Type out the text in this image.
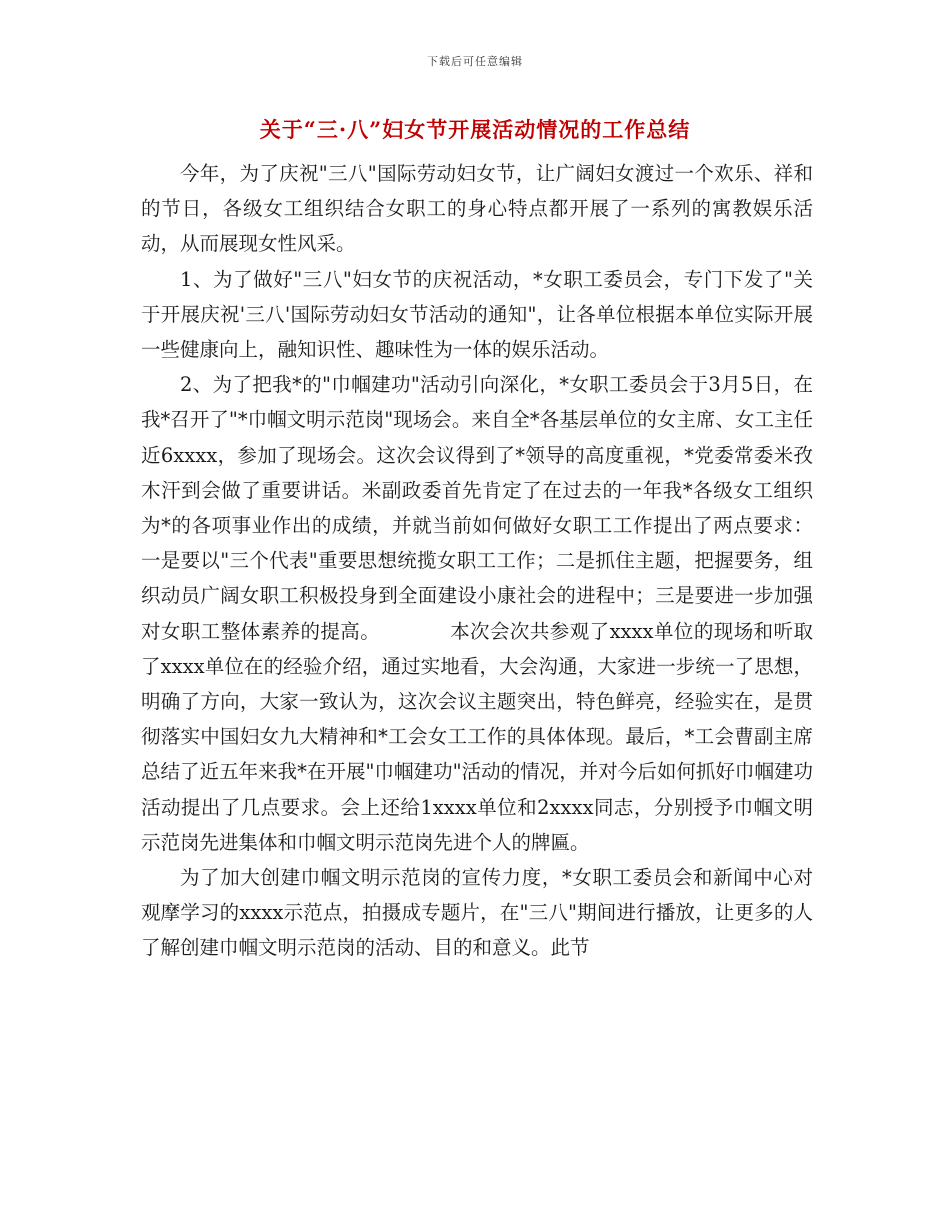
下载后可任意编辑
关于“三·八”妇女节开展活动情况的工作总结

今年，为了庆祝"三八"国际劳动妇女节，让广阔妇女渡过一个欢乐、祥和的节日，各级女工组织结合女职工的身心特点都开展了一系列的寓教娱乐活动，从而展现女性风采。

1、为了做好"三八"妇女节的庆祝活动，*女职工委员会，专门下发了"关于开展庆祝'三八'国际劳动妇女节活动的通知"，让各单位根据本单位实际开展一些健康向上，融知识性、趣味性为一体的娱乐活动。

2、为了把我*的"巾帼建功"活动引向深化，*女职工委员会于3月5日，在我*召开了"*巾帼文明示范岗"现场会。来自全*各基层单位的女主席、女工主任近6xxxx，参加了现场会。这次会议得到了*领导的高度重视，*党委常委米孜木汗到会做了重要讲话。米副政委首先肯定了在过去的一年我*各级女工组织为*的各项事业作出的成绩，并就当前如何做好女职工工作提出了两点要求：一是要以"三个代表"重要思想统揽女职工工作；二是抓住主题，把握要务，组织动员广阔女职工积极投身到全面建设小康社会的进程中；三是要进一步加强对女职工整体素养的提高。　　　　本次会次共参观了xxxx单位的现场和听取了xxxx单位在的经验介绍，通过实地看，大会沟通，大家进一步统一了思想，明确了方向，大家一致认为，这次会议主题突出，特色鲜亮，经验实在，是贯彻落实中国妇女九大精神和*工会女工工作的具体体现。最后，*工会曹副主席总结了近五年来我*在开展"巾帼建功"活动的情况，并对今后如何抓好巾帼建功活动提出了几点要求。会上还给1xxxx单位和2xxxx同志，分别授予巾帼文明示范岗先进集体和巾帼文明示范岗先进个人的牌匾。

为了加大创建巾帼文明示范岗的宣传力度，*女职工委员会和新闻中心对观摩学习的xxxx示范点，拍摄成专题片，在"三八"期间进行播放，让更多的人了解创建巾帼文明示范岗的活动、目的和意义。此节
